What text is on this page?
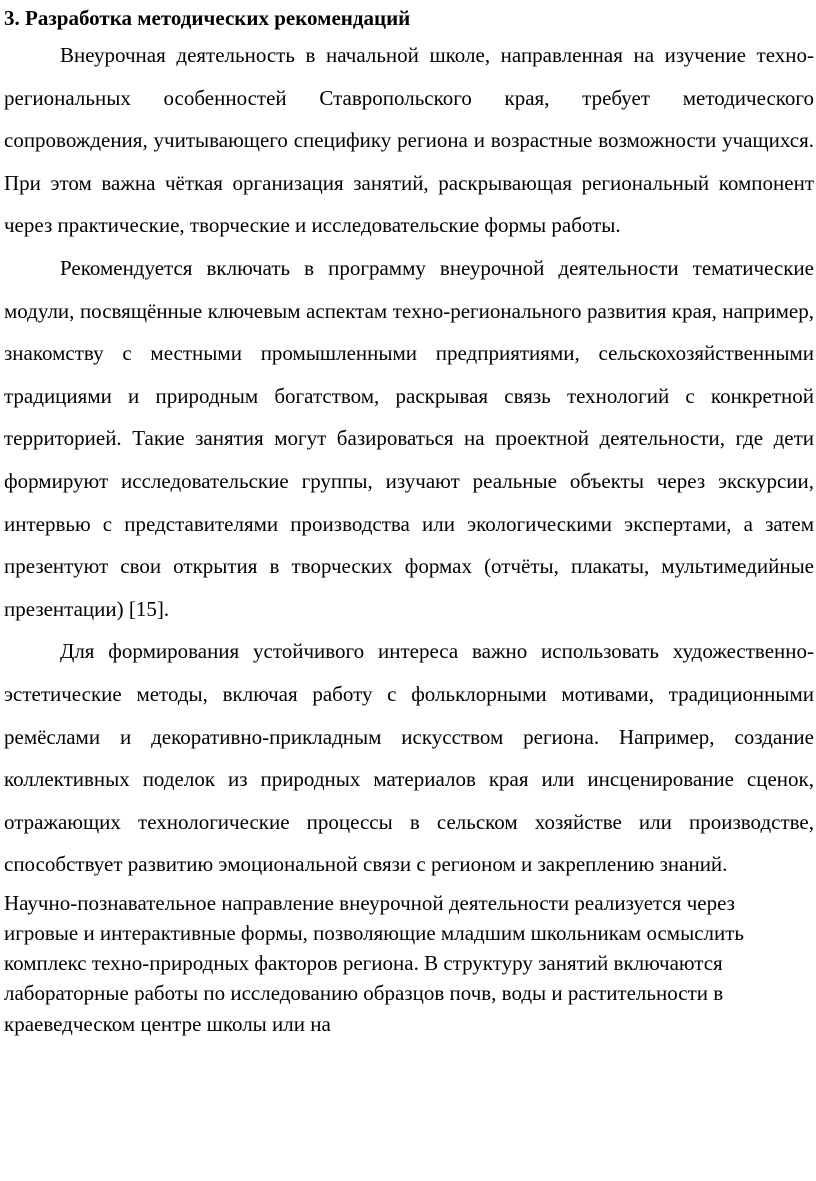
3. Разработка методических рекомендаций

Внеурочная деятельность в начальной школе, направленная на изучение техно-региональных особенностей Ставропольского края, требует методического сопровождения, учитывающего специфику региона и возрастные возможности учащихся. При этом важна чёткая организация занятий, раскрывающая региональный компонент через практические, творческие и исследовательские формы работы.

Рекомендуется включать в программу внеурочной деятельности тематические модули, посвящённые ключевым аспектам техно-регионального развития края, например, знакомству с местными промышленными предприятиями, сельскохозяйственными традициями и природным богатством, раскрывая связь технологий с конкретной территорией. Такие занятия могут базироваться на проектной деятельности, где дети формируют исследовательские группы, изучают реальные объекты через экскурсии, интервью с представителями производства или экологическими экспертами, а затем презентуют свои открытия в творческих формах (отчёты, плакаты, мультимедийные презентации) [15].

Для формирования устойчивого интереса важно использовать художественно-эстетические методы, включая работу с фольклорными мотивами, традиционными ремёслами и декоративно-прикладным искусством региона. Например, создание коллективных поделок из природных материалов края или инсценирование сценок, отражающих технологические процессы в сельском хозяйстве или производстве, способствует развитию эмоциональной связи с регионом и закреплению знаний.

Научно-познавательное направление внеурочной деятельности реализуется через игровые и интерактивные формы, позволяющие младшим школьникам осмыслить комплекс техно-природных факторов региона. В структуру занятий включаются лабораторные работы по исследованию образцов почв, воды и растительности в краеведческом центре школы или на
